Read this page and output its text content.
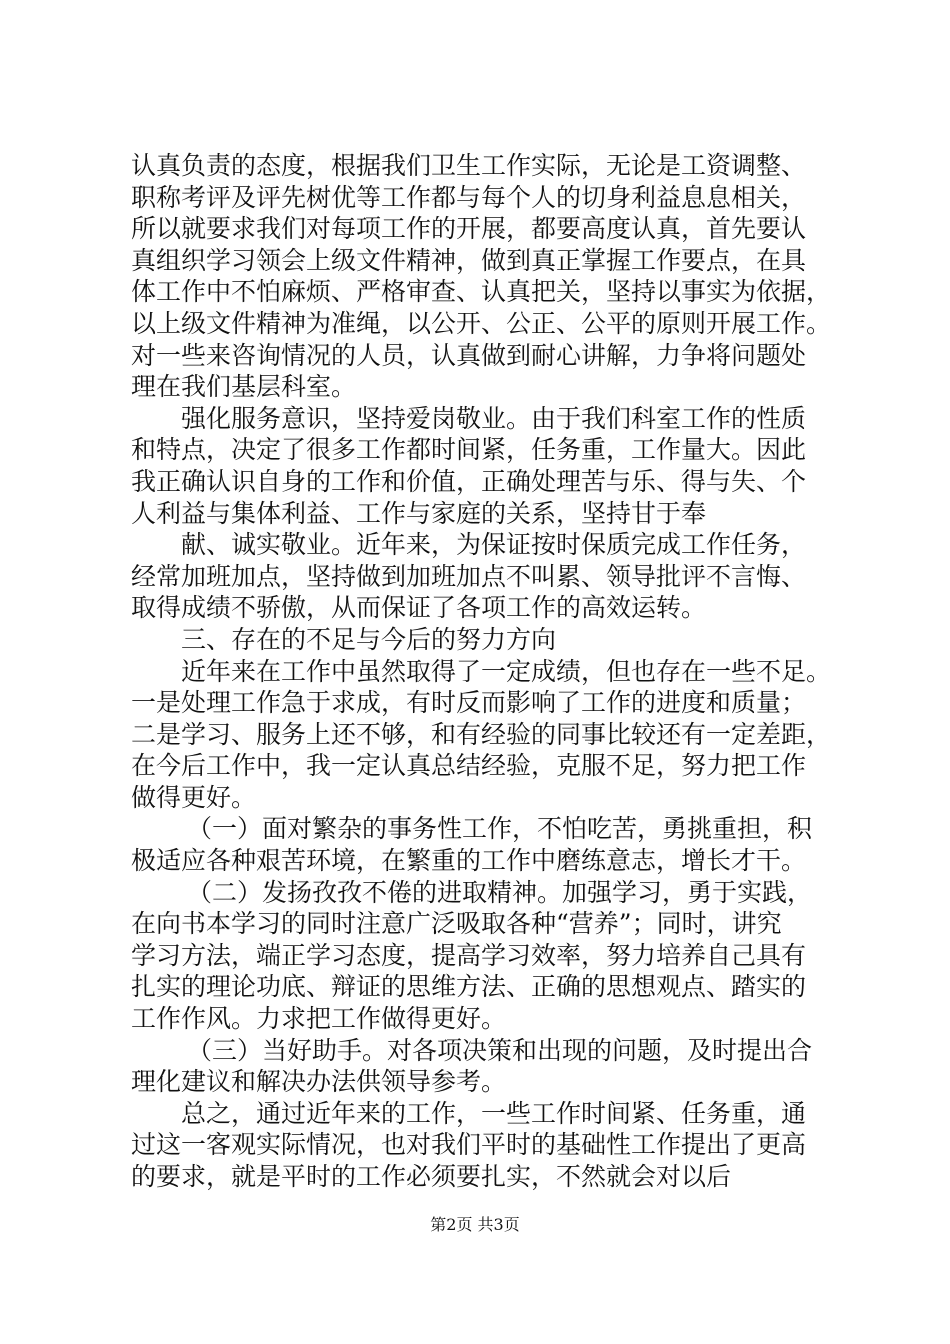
认真负责的态度，根据我们卫生工作实际，无论是工资调整、
职称考评及评先树优等工作都与每个人的切身利益息息相关，
所以就要求我们对每项工作的开展，都要高度认真，首先要认
真组织学习领会上级文件精神，做到真正掌握工作要点，在具
体工作中不怕麻烦、严格审查、认真把关，坚持以事实为依据，
以上级文件精神为准绳，以公开、公正、公平的原则开展工作。
对一些来咨询情况的人员，认真做到耐心讲解，力争将问题处
理在我们基层科室。
强化服务意识，坚持爱岗敬业。由于我们科室工作的性质
和特点，决定了很多工作都时间紧，任务重，工作量大。因此
我正确认识自身的工作和价值，正确处理苦与乐、得与失、个
人利益与集体利益、工作与家庭的关系，坚持甘于奉
献、诚实敬业。近年来，为保证按时保质完成工作任务，
经常加班加点，坚持做到加班加点不叫累、领导批评不言悔、
取得成绩不骄傲，从而保证了各项工作的高效运转。
三、存在的不足与今后的努力方向
近年来在工作中虽然取得了一定成绩，但也存在一些不足。
一是处理工作急于求成，有时反而影响了工作的进度和质量；
二是学习、服务上还不够，和有经验的同事比较还有一定差距，
在今后工作中，我一定认真总结经验，克服不足，努力把工作
做得更好。
（一）面对繁杂的事务性工作，不怕吃苦，勇挑重担，积
极适应各种艰苦环境，在繁重的工作中磨练意志，增长才干。
（二）发扬孜孜不倦的进取精神。加强学习，勇于实践，
在向书本学习的同时注意广泛吸取各种“营养”；同时，讲究
学习方法，端正学习态度，提高学习效率，努力培养自己具有
扎实的理论功底、辩证的思维方法、正确的思想观点、踏实的
工作作风。力求把工作做得更好。
（三）当好助手。对各项决策和出现的问题，及时提出合
理化建议和解决办法供领导参考。
总之，通过近年来的工作，一些工作时间紧、任务重，通
过这一客观实际情况，也对我们平时的基础性工作提出了更高
的要求，就是平时的工作必须要扎实，不然就会对以后
第2页 共3页
